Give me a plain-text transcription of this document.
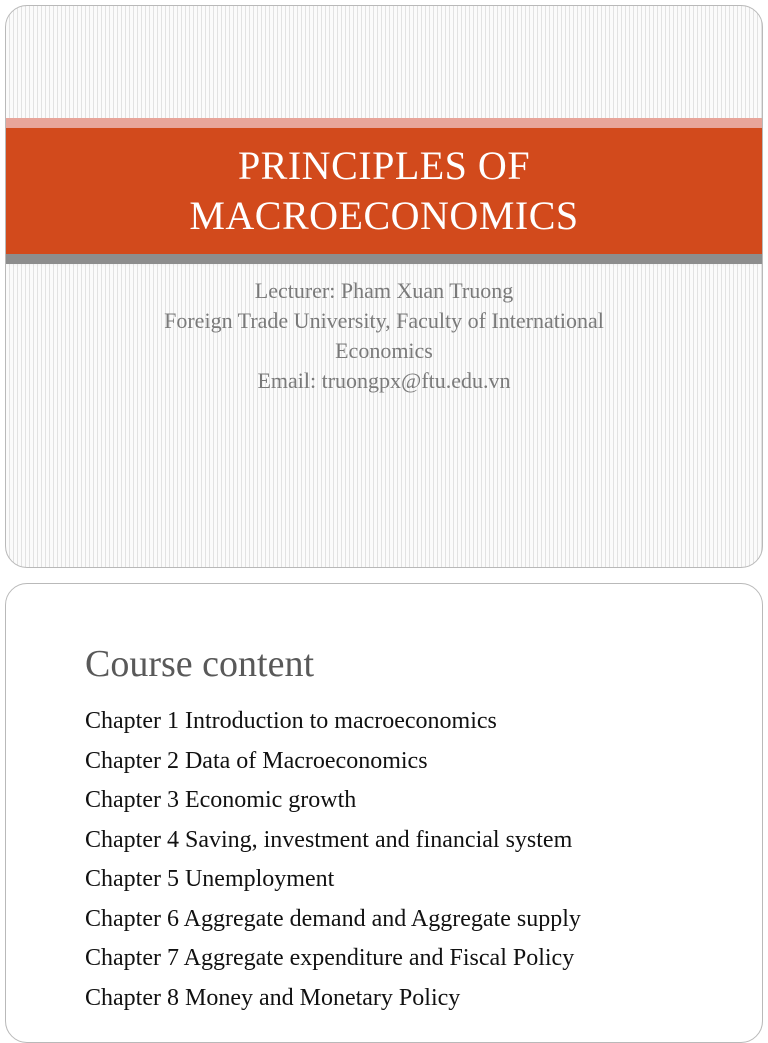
PRINCIPLES OF
MACROECONOMICS
Lecturer: Pham Xuan Truong
Foreign Trade University, Faculty of International
Economics
Email: truongpx@ftu.edu.vn
Course content
Chapter 1 Introduction to macroeconomics
Chapter 2 Data of Macroeconomics
Chapter 3 Economic growth
Chapter 4 Saving, investment and financial system
Chapter 5 Unemployment
Chapter 6 Aggregate demand and Aggregate supply
Chapter 7 Aggregate expenditure and Fiscal Policy
Chapter 8 Money and Monetary Policy
